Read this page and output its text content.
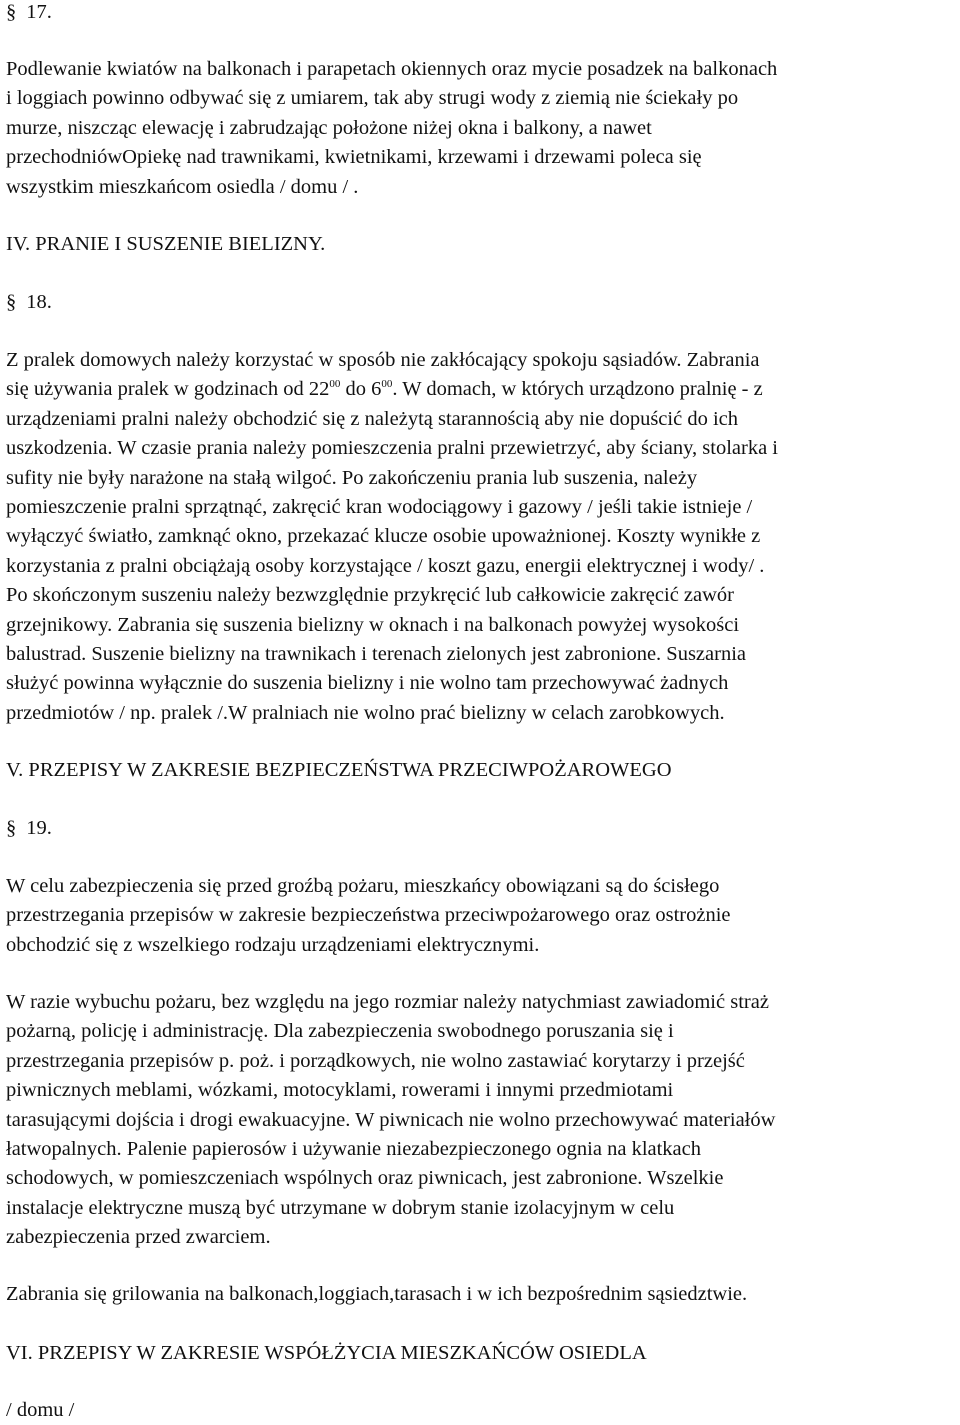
§ 17.
Podlewanie kwiatów na balkonach i parapetach okiennych oraz mycie posadzek na balkonach
i loggiach powinno odbywać się z umiarem, tak aby strugi wody z ziemią nie ściekały po
murze, niszcząc elewację i zabrudzając położone niżej okna i balkony, a nawet
przechodniówOpiekę nad trawnikami, kwietnikami, krzewami i drzewami poleca się
wszystkim mieszkańcom osiedla / domu / .
IV. PRANIE I SUSZENIE BIELIZNY.
§ 18.
Z pralek domowych należy korzystać w sposób nie zakłócający spokoju sąsiadów. Zabrania
się używania pralek w godzinach od $22^{00}$ do $6^{00}$. W domach, w których urządzono pralnię - z
urządzeniami pralni należy obchodzić się z należytą starannością aby nie dopuścić do ich
uszkodzenia. W czasie prania należy pomieszczenia pralni przewietrzyć, aby ściany, stolarka i
sufity nie były narażone na stałą wilgoć. Po zakończeniu prania lub suszenia, należy
pomieszczenie pralni sprzątnąć, zakręcić kran wodociągowy i gazowy / jeśli takie istnieje /
wyłączyć światło, zamknąć okno, przekazać klucze osobie upoważnionej. Koszty wynikłe z
korzystania z pralni obciążają osoby korzystające / koszt gazu, energii elektrycznej i wody/ .
Po skończonym suszeniu należy bezwzględnie przykręcić lub całkowicie zakręcić zawór
grzejnikowy. Zabrania się suszenia bielizny w oknach i na balkonach powyżej wysokości
balustrad. Suszenie bielizny na trawnikach i terenach zielonych jest zabronione. Suszarnia
służyć powinna wyłącznie do suszenia bielizny i nie wolno tam przechowywać żadnych
przedmiotów / np. pralek /.W pralniach nie wolno prać bielizny w celach zarobkowych.
V. PRZEPISY W ZAKRESIE BEZPIECZEŃSTWA PRZECIWPOŻAROWEGO
§ 19.
W celu zabezpieczenia się przed groźbą pożaru, mieszkańcy obowiązani są do ścisłego
przestrzegania przepisów w zakresie bezpieczeństwa przeciwpożarowego oraz ostrożnie
obchodzić się z wszelkiego rodzaju urządzeniami elektrycznymi.
W razie wybuchu pożaru, bez względu na jego rozmiar należy natychmiast zawiadomić straż
pożarną, policję i administrację. Dla zabezpieczenia swobodnego poruszania się i
przestrzegania przepisów p. poż. i porządkowych, nie wolno zastawiać korytarzy i przejść
piwnicznych meblami, wózkami, motocyklami, rowerami i innymi przedmiotami
tarasującymi dojścia i drogi ewakuacyjne. W piwnicach nie wolno przechowywać materiałów
łatwopalnych. Palenie papierosów i używanie niezabezpieczonego ognia na klatkach
schodowych, w pomieszczeniach wspólnych oraz piwnicach, jest zabronione. Wszelkie
instalacje elektryczne muszą być utrzymane w dobrym stanie izolacyjnym w celu
zabezpieczenia przed zwarciem.
Zabrania się grilowania na balkonach,loggiach,tarasach i w ich bezpośrednim sąsiedztwie.
VI. PRZEPISY W ZAKRESIE WSPÓŁŻYCIA MIESZKAŃCÓW OSIEDLA
/ domu /
